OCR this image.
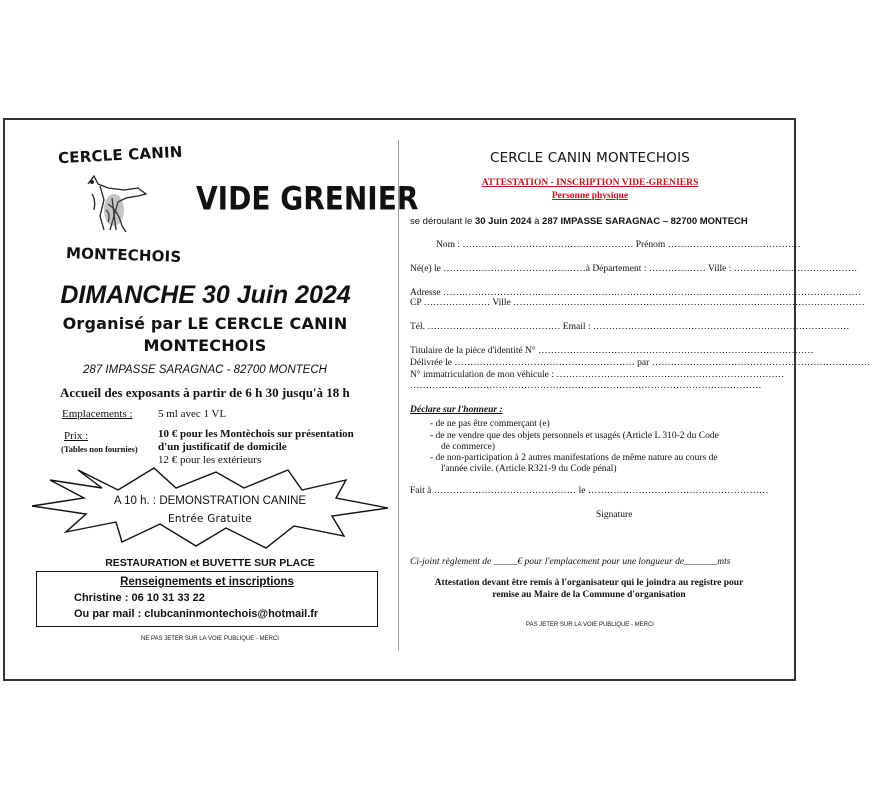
CERCLE CANIN
MONTECHOIS
VIDE GRENIER
DIMANCHE 30 Juin 2024
Organisé par LE CERCLE CANIN
MONTECHOIS
287 IMPASSE SARAGNAC - 82700 MONTECH
Accueil des exposants à partir de 6 h 30 jusqu'à 18 h
Emplacements : 5 ml avec 1 VL
Prix :
(Tables non fournies)
10 € pour les Montèchois sur présentation
d'un justificatif de domicile
12 € pour les extérieurs
A 10 h. : DEMONSTRATION CANINE
Entrée Gratuite
RESTAURATION et BUVETTE SUR PLACE
Renseignements et inscriptions
Christine : 06 10 31 33 22
Ou par mail : clubcaninmontechois@hotmail.fr
NE PAS JETER SUR LA VOIE PUBLIQUE - MERCI
CERCLE CANIN MONTECHOIS
ATTESTATION - INSCRIPTION VIDE-GRENIERS
Personne physique
se déroulant le 30 Juin 2024 à 287 IMPASSE SARAGNAC – 82700 MONTECH
Nom : ……………………………………………… Prénom ……………………………………
Né(e) le ………………………………………à Département : ……………… Ville : …………………………………
Adresse ……………………………………………………………………………………………………………………
CP ………………… Ville …………………………………………………………………………………………………
Tél. …………………………………… Email : ………………………………………………………………………
Titulaire de la pièce d'identité N° ……………………………………………………………………………
Délivrée le ………………………………………………… par ……………………………………………………………
N° immatriculation de mon véhicule : ………………………………………………………………
…………………………………………………………………………………………………
Déclare sur l'honneur :
- de ne pas être commerçant (e)
- de ne vendre que des objets personnels et usagés (Article L 310-2 du Code
de commerce)
- de non-participation à 2 autres manifestations de même nature au cours de
l'année civile. (Article R321-9 du Code pénal)
Fait à ……………………………………… le …………………………………………………
Signature
Ci-joint règlement de _____€ pour l'emplacement pour une longueur de_______mts
Attestation devant être remis à l'organisateur qui le joindra au registre pour
remise au Maire de la Commune d'organisation
PAS JETER SUR LA VOIE PUBLIQUE - MERCI
